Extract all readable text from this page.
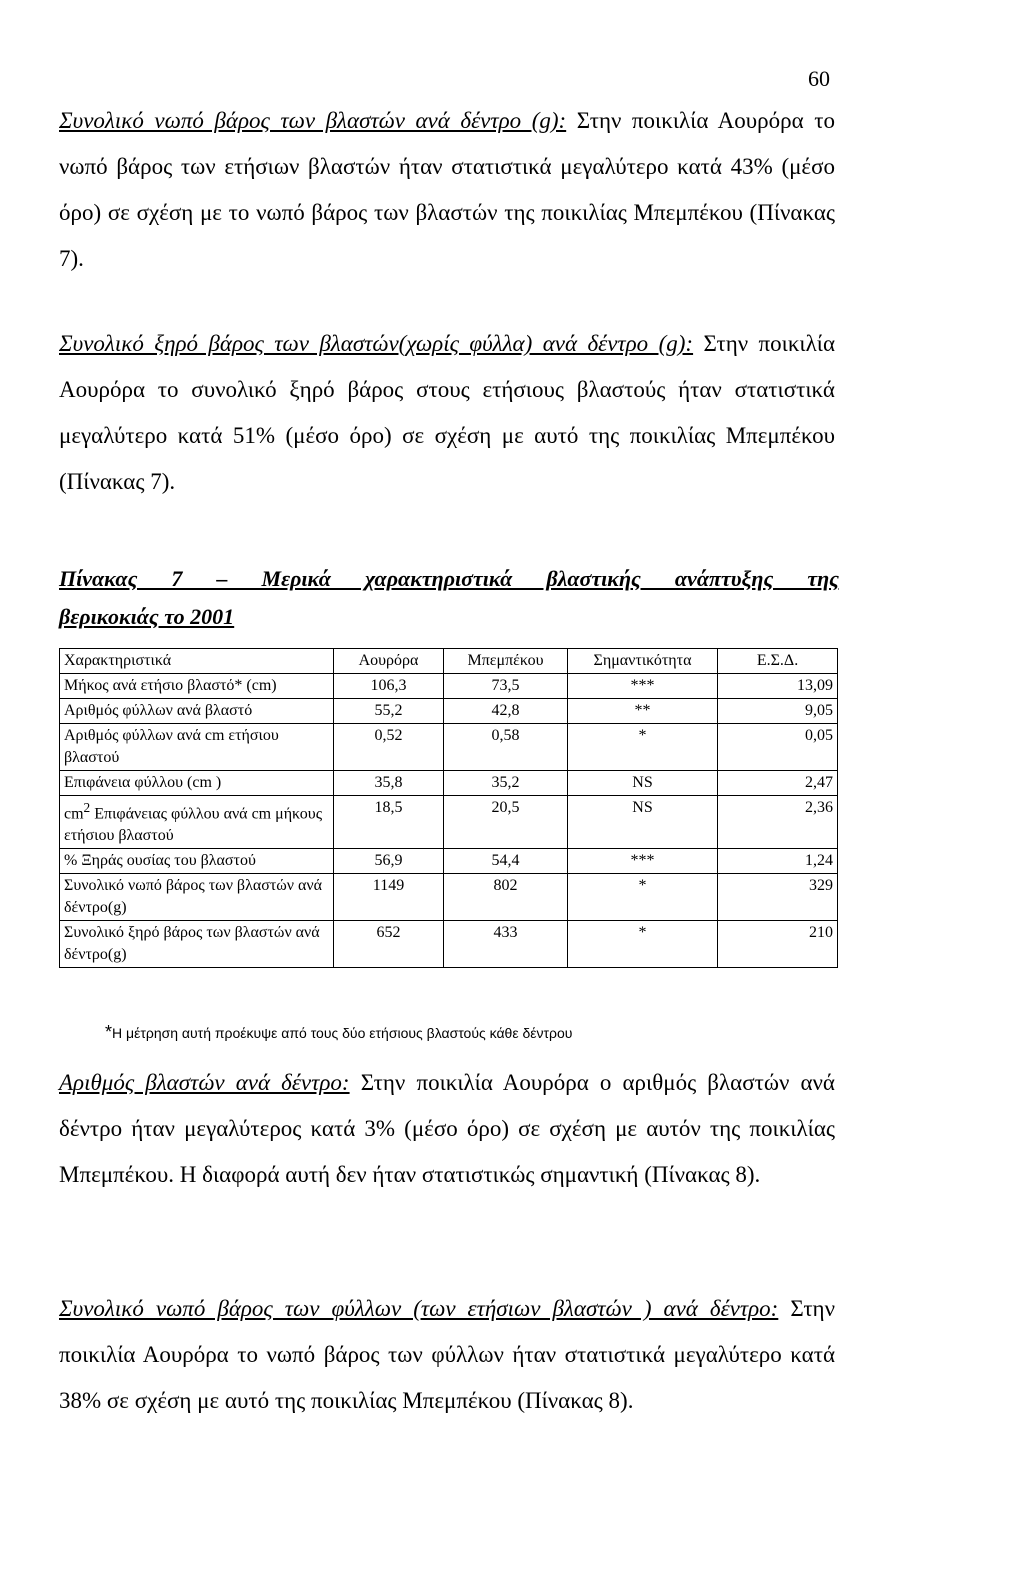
60

Συνολικό νωπό βάρος των βλαστών ανά δέντρο (g): Στην ποικιλία Αουρόρα το νωπό βάρος των ετήσιων βλαστών ήταν στατιστικά μεγαλύτερο κατά 43% (μέσο όρο) σε σχέση με το νωπό βάρος των βλαστών της ποικιλίας Μπεμπέκου (Πίνακας 7).

Συνολικό ξηρό βάρος των βλαστών(χωρίς φύλλα) ανά δέντρο (g): Στην ποικιλία Αουρόρα το συνολικό ξηρό βάρος στους ετήσιους βλαστούς ήταν στατιστικά μεγαλύτερο κατά 51% (μέσο όρο) σε σχέση με αυτό της ποικιλίας Μπεμπέκου (Πίνακας 7).

Πίνακας 7 – Μερικά χαρακτηριστικά βλαστικής ανάπτυξης της
βερικοκιάς το 2001
Χαρακτηριστικά	Αουρόρα	Μπεμπέκου	Σημαντικότητα	Ε.Σ.Δ.
Μήκος ανά ετήσιο βλαστό* (cm)	106,3	73,5	***	13,09
Αριθμός φύλλων ανά βλαστό	55,2	42,8	**	9,05
Αριθμός φύλλων ανά cm ετήσιου βλαστού	0,52	0,58	*	0,05
Επιφάνεια φύλλου (cm )	35,8	35,2	NS	2,47
$cm^2$ Επιφάνειας φύλλου ανά cm μήκους ετήσιου βλαστού	18,5	20,5	NS	2,36
% Ξηράς ουσίας του βλαστού	56,9	54,4	***	1,24
Συνολικό νωπό βάρος των βλαστών ανά δέντρο(g)	1149	802	*	329
Συνολικό ξηρό βάρος των βλαστών ανά δέντρο(g)	652	433	*	210
*Η μέτρηση αυτή προέκυψε από τους δύο ετήσιους βλαστούς κάθε δέντρου

Αριθμός βλαστών ανά δέντρο: Στην ποικιλία Αουρόρα ο αριθμός βλαστών ανά δέντρο ήταν μεγαλύτερος κατά 3% (μέσο όρο) σε σχέση με αυτόν της ποικιλίας Μπεμπέκου. Η διαφορά αυτή δεν ήταν στατιστικώς σημαντική (Πίνακας 8).

Συνολικό νωπό βάρος των φύλλων (των ετήσιων βλαστών ) ανά δέντρο: Στην ποικιλία Αουρόρα το νωπό βάρος των φύλλων ήταν στατιστικά μεγαλύτερο κατά 38% σε σχέση με αυτό της ποικιλίας Μπεμπέκου (Πίνακας 8).
